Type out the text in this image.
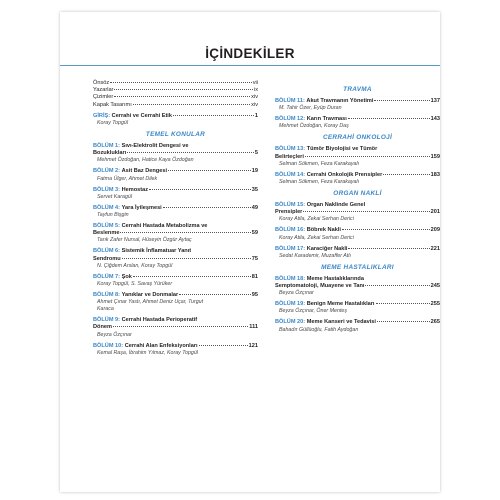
İÇİNDEKİLER
Önsöz	vii
Yazarlar	ix
Çizimler	xiv
Kapak Tasarımı	xiv
GİRİŞ:
Cerrahi ve Cerrahi Etik	1
Koray Topgül
TEMEL KONULAR
BÖLÜM 1: Sıvı-Elektrolit Dengesi ve
Bozuklukları	5
Mehmet Özdoğan, Hatice Kaya Özdoğan
BÖLÜM 2:
Asit Baz Dengesi	19
Fatma Ülger, Ahmet Dilek
BÖLÜM 3:
Hemostaz	35
Servet Karagül
BÖLÜM 4:
Yara İyileşmesi	49
Tayfun Bişgin
BÖLÜM 5: Cerrahi Hastada Metabolizma ve
Beslenme	59
Tarık Zafer Nursal, Hüseyin Özgür Aytaç
BÖLÜM 6: Sistemik İnflamatuar Yanıt
Sendromu	75
N. Çiğdem Arslan, Koray Topgül
BÖLÜM 7:
Şok	81
Koray Topgül, S. Savaş Yürüker
BÖLÜM 8:
Yanıklar ve Donmalar	95
Ahmet Çınar Yastı, Ahmet Deniz Uçar, Turgut
Karaca
BÖLÜM 9: Cerrahi Hastada Perioperatif
Dönem	111
Beyza Özçınar
BÖLÜM 10:
Cerrahi Alan Enfeksiyonları	121
Kemal Raşa, İbrahim Yılmaz, Koray Topgül
TRAVMA
BÖLÜM 11:
Akut Travmanın Yönetimi	137
M. Tahir Özer, Eyüp Duran
BÖLÜM 12:
Karın Travması	143
Mehmet Özdoğan, Koray Daş
CERRAHİ ONKOLOJİ
BÖLÜM 13: Tümör Biyolojisi ve Tümör
Belirteçleri	159
Selman Sökmen, Feza Karakayalı
BÖLÜM 14:
Cerrahi Onkolojik Prensipler	183
Selman Sökmen, Feza Karakayalı
ORGAN NAKLİ
BÖLÜM 15: Organ Naklinde Genel
Prensipler	201
Koray Atila, Zekai Serhan Derici
BÖLÜM 16:
Böbrek Nakli	209
Koray Atila, Zekai Serhan Derici
BÖLÜM 17:
Karaciğer Nakli	221
Sedat Karademir, Muzaffer Atlı
MEME HASTALIKLARI
BÖLÜM 18: Meme Hastalıklarında
Semptomatoloji, Muayene ve Tanı	245
Beyza Özçınar
BÖLÜM 19:
Benign Meme Hastalıkları	255
Beyza Özçınar, Öner Menteş
BÖLÜM 20:
Meme Kanseri ve Tedavisi	265
Bahadır Güllüoğlu, Fatih Aydoğan
